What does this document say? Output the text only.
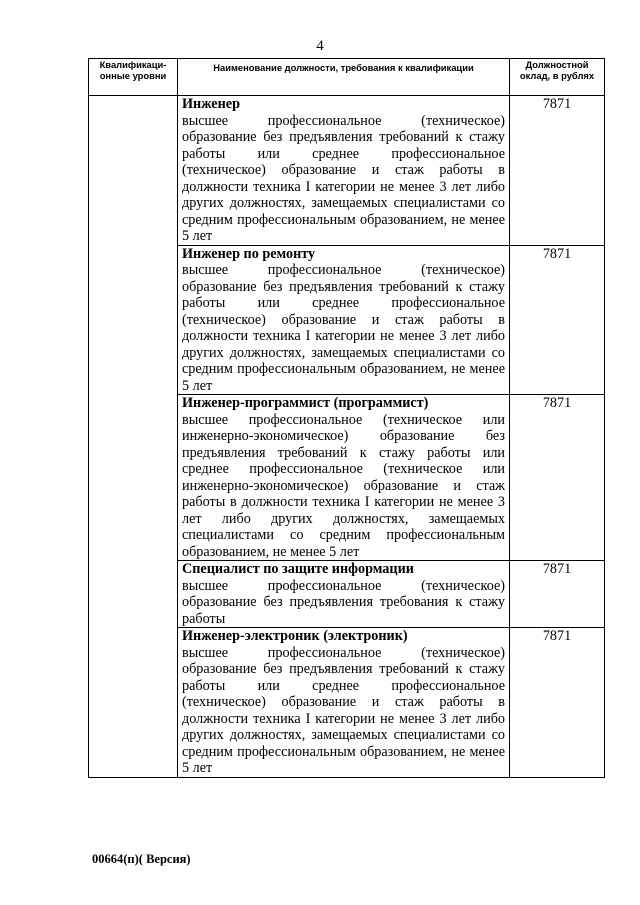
4
Квалификаци-онные уровни	Наименование должности, требования к квалификации	Должностной оклад, в рублях

	Инженер
высшее профессиональное (техническое) образование без предъявления требований к стажу работы или среднее профессиональное (техническое) образование и стаж работы в должности техника I категории не менее 3 лет либо других должностях, замещаемых специалистами со средним профессиональным образованием, не менее 5 лет	7871

	Инженер по ремонту
высшее профессиональное (техническое) образование без предъявления требований к стажу работы или среднее профессиональное (техническое) образование и стаж работы в должности техника I категории не менее 3 лет либо других должностях, замещаемых специалистами со средним профессиональным образованием, не менее 5 лет	7871

	Инженер-программист (программист)
высшее профессиональное (техническое или инженерно-экономическое) образование без предъявления требований к стажу работы или среднее профессиональное (техническое или инженерно-экономическое) образование и стаж работы в должности техника I категории не менее 3 лет либо других должностях, замещаемых специалистами со средним профессиональным образованием, не менее 5 лет	7871

	Специалист по защите информации
высшее профессиональное (техническое) образование без предъявления требования к стажу работы	7871

	Инженер-электроник (электроник)
высшее профессиональное (техническое) образование без предъявления требований к стажу работы или среднее профессиональное (техническое) образование и стаж работы в должности техника I категории не менее 3 лет либо других должностях, замещаемых специалистами со средним профессиональным образованием, не менее 5 лет	7871
00664(п)( Версия)
